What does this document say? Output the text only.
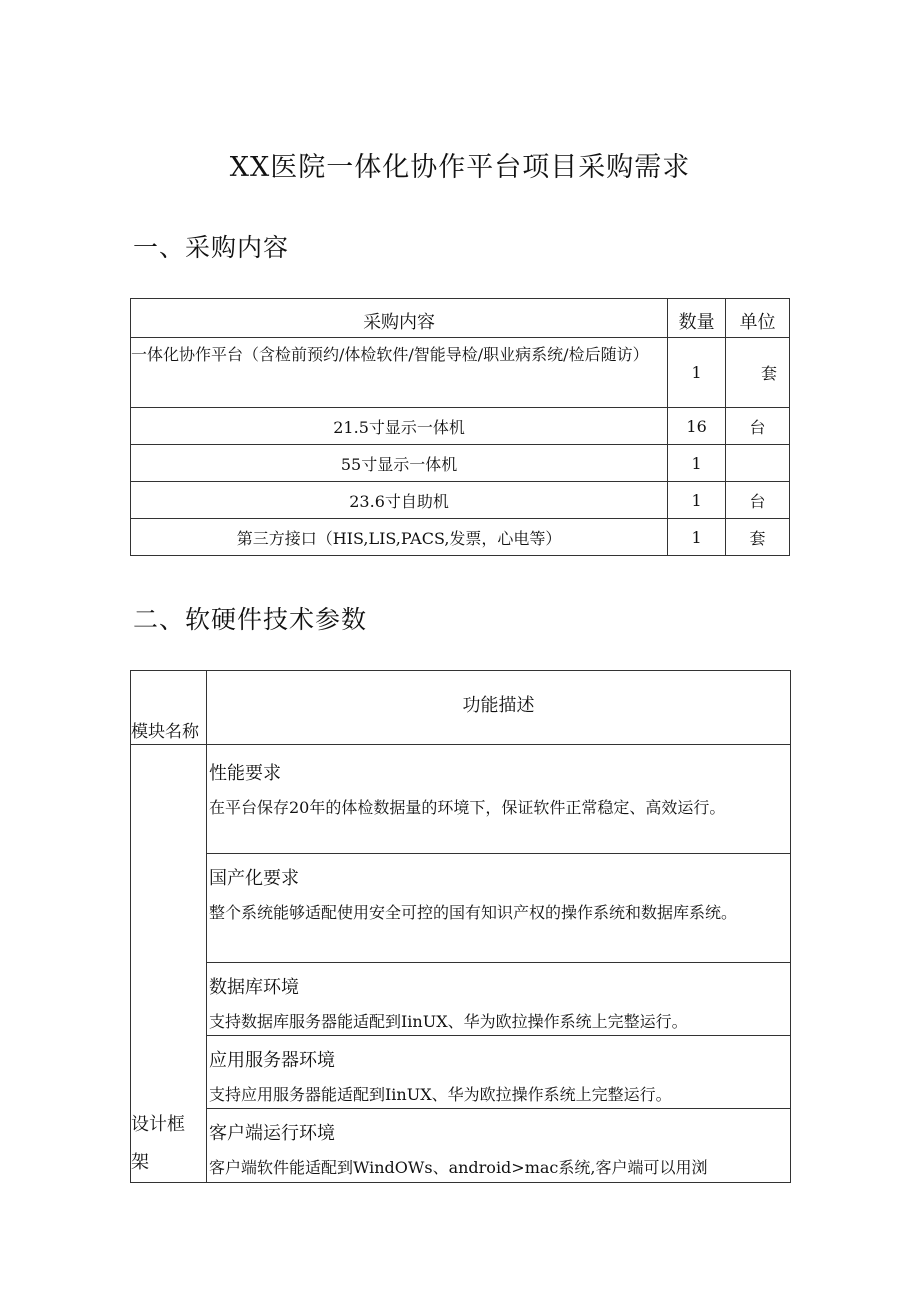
XX医院一体化协作平台项目采购需求
一、采购内容
采购内容	数量	单位
一体化协作平台（含检前预约/体检软件/智能导检/职业病系统/检后随访）	1	套
21.5寸显示一体机	16	台
55寸显示一体机	1	
23.6寸自助机	1	台
第三方接口（HIS,LIS,PACS,发票，心电等）	1	套
二、软硬件技术参数
模块名称	功能描述

设计框架	性能要求
在平台保存20年的体检数据量的环境下，保证软件正常稳定、高效运行。

	国产化要求
整个系统能够适配使用安全可控的国有知识产权的操作系统和数据库系统。

	数据库环境
支持数据库服务器能适配到IinUX、华为欧拉操作系统上完整运行。

	应用服务器环境
支持应用服务器能适配到IinUX、华为欧拉操作系统上完整运行。

	客户端运行环境
客户端软件能适配到WindOWs、android>mac系统,客户端可以用浏
